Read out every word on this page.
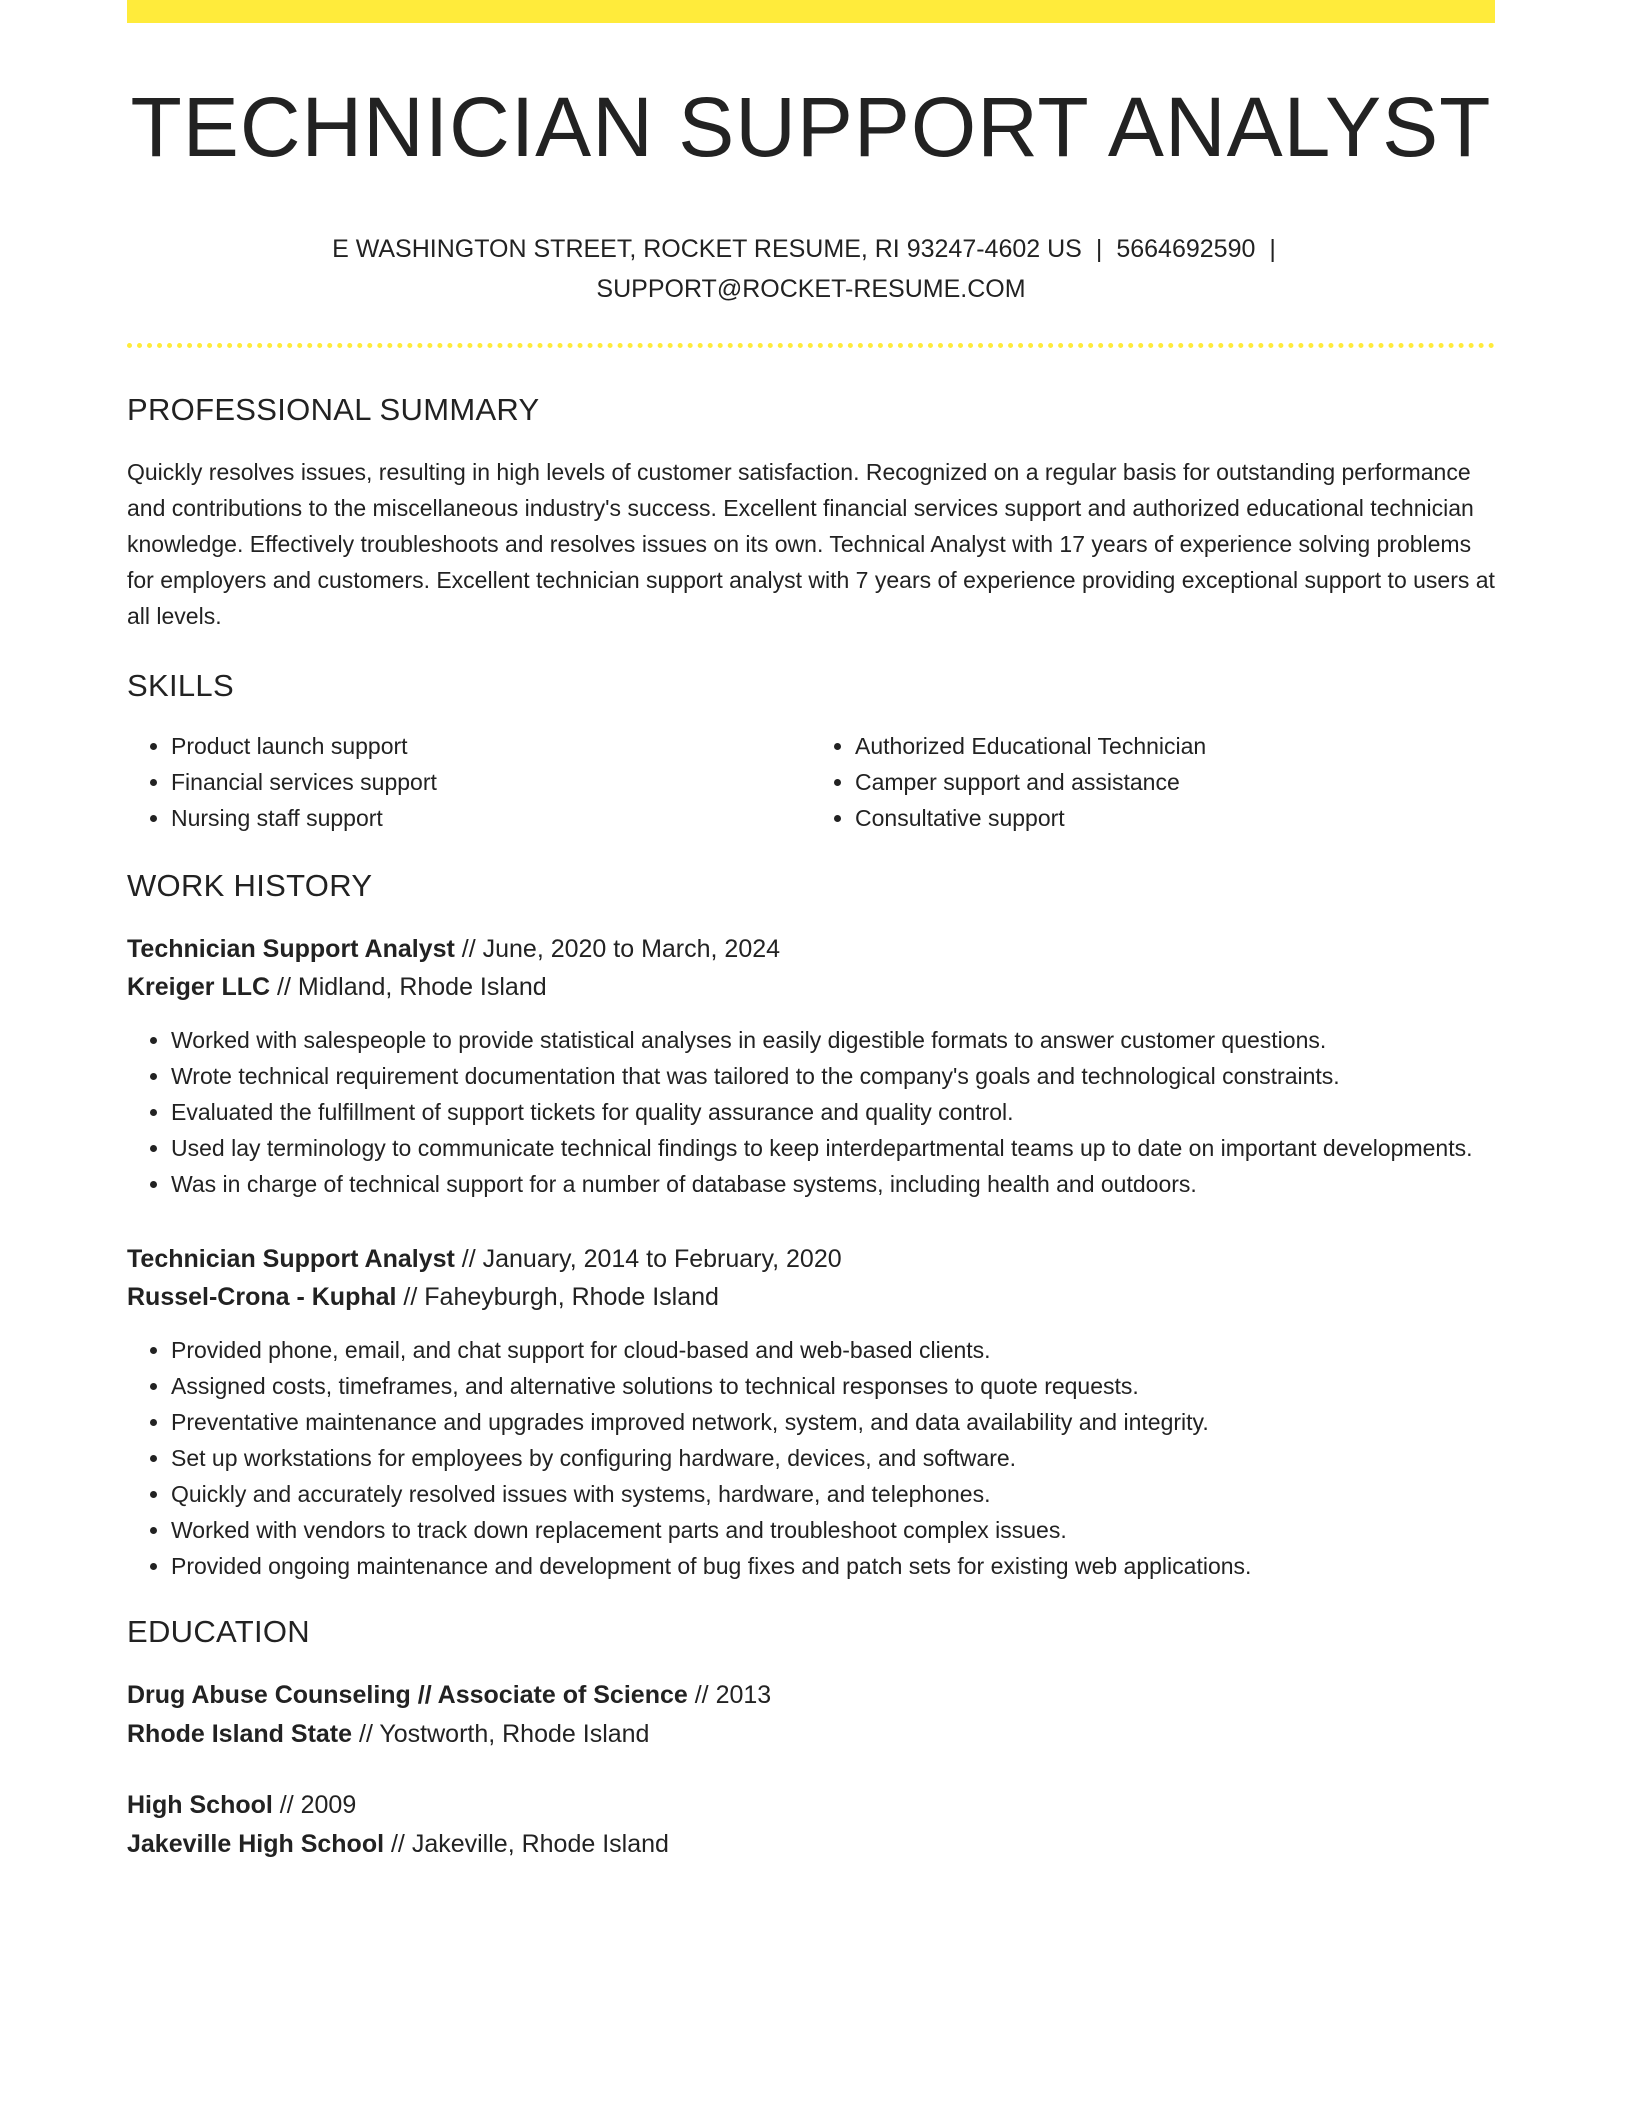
TECHNICIAN SUPPORT ANALYST
E WASHINGTON STREET, ROCKET RESUME, RI 93247-4602 US | 5664692590 |
SUPPORT@ROCKET-RESUME.COM
PROFESSIONAL SUMMARY
Quickly resolves issues, resulting in high levels of customer satisfaction. Recognized on a regular basis for outstanding performance and contributions to the miscellaneous industry's success. Excellent financial services support and authorized educational technician knowledge. Effectively troubleshoots and resolves issues on its own. Technical Analyst with 17 years of experience solving problems for employers and customers. Excellent technician support analyst with 7 years of experience providing exceptional support to users at all levels.
SKILLS
• Product launch support
• Financial services support
• Nursing staff support
• Authorized Educational Technician
• Camper support and assistance
• Consultative support
WORK HISTORY
Technician Support Analyst // June, 2020 to March, 2024
Kreiger LLC // Midland, Rhode Island
• Worked with salespeople to provide statistical analyses in easily digestible formats to answer customer questions.
• Wrote technical requirement documentation that was tailored to the company's goals and technological constraints.
• Evaluated the fulfillment of support tickets for quality assurance and quality control.
• Used lay terminology to communicate technical findings to keep interdepartmental teams up to date on important developments.
• Was in charge of technical support for a number of database systems, including health and outdoors.
Technician Support Analyst // January, 2014 to February, 2020
Russel-Crona - Kuphal // Faheyburgh, Rhode Island
• Provided phone, email, and chat support for cloud-based and web-based clients.
• Assigned costs, timeframes, and alternative solutions to technical responses to quote requests.
• Preventative maintenance and upgrades improved network, system, and data availability and integrity.
• Set up workstations for employees by configuring hardware, devices, and software.
• Quickly and accurately resolved issues with systems, hardware, and telephones.
• Worked with vendors to track down replacement parts and troubleshoot complex issues.
• Provided ongoing maintenance and development of bug fixes and patch sets for existing web applications.
EDUCATION
Drug Abuse Counseling // Associate of Science // 2013
Rhode Island State // Yostworth, Rhode Island
High School // 2009
Jakeville High School // Jakeville, Rhode Island
